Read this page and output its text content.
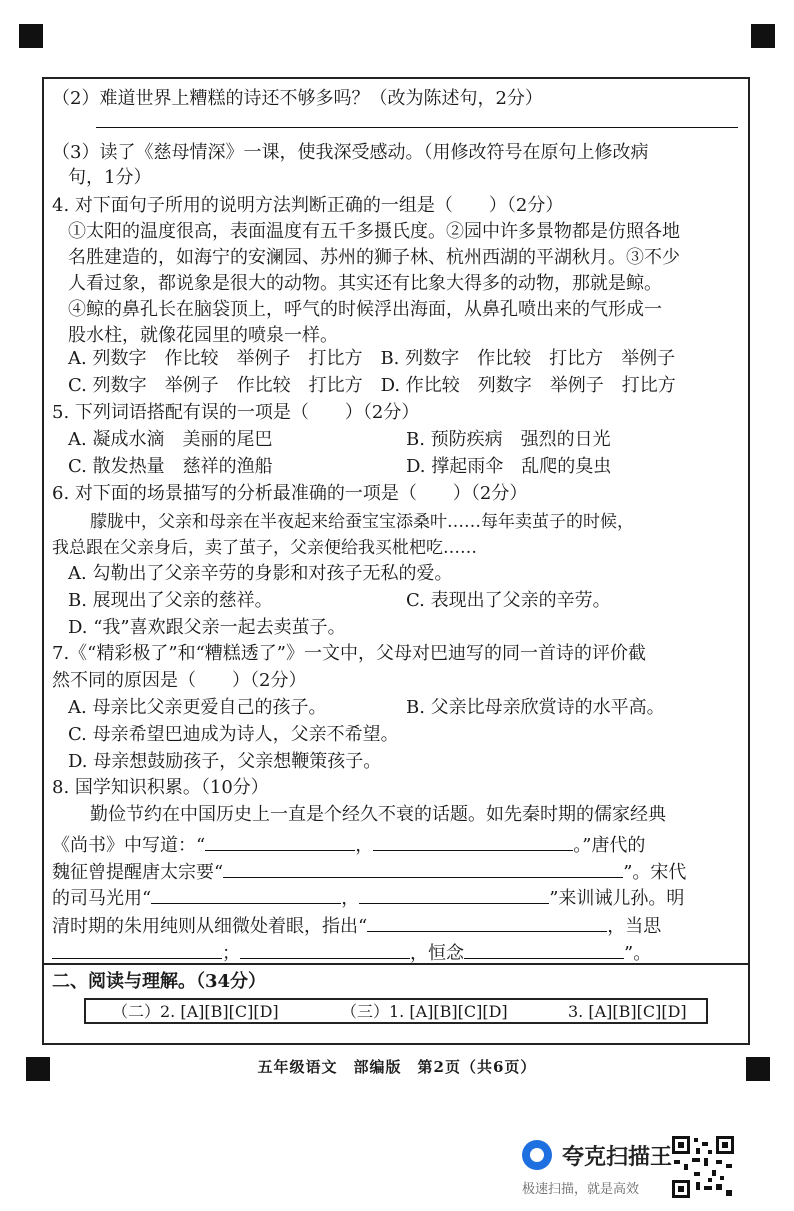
（2）难道世界上糟糕的诗还不够多吗？（改为陈述句，2分）
（3）读了《慈母情深》一课，使我深受感动。（用修改符号在原句上修改病
句，1分）
4. 对下面句子所用的说明方法判断正确的一组是（　　）（2分）
①太阳的温度很高，表面温度有五千多摄氏度。②园中许多景物都是仿照各地
名胜建造的，如海宁的安澜园、苏州的狮子林、杭州西湖的平湖秋月。③不少
人看过象，都说象是很大的动物。其实还有比象大得多的动物，那就是鲸。
④鲸的鼻孔长在脑袋顶上，呼气的时候浮出海面，从鼻孔喷出来的气形成一
股水柱，就像花园里的喷泉一样。
A. 列数字　作比较　举例子　打比方　B. 列数字　作比较　打比方　举例子
C. 列数字　举例子　作比较　打比方　D. 作比较　列数字　举例子　打比方
5. 下列词语搭配有误的一项是（　　）（2分）
A. 凝成水滴　美丽的尾巴	B. 预防疾病　强烈的日光
C. 散发热量　慈祥的渔船	D. 撑起雨伞　乱爬的臭虫
6. 对下面的场景描写的分析最准确的一项是（　　）（2分）
朦胧中，父亲和母亲在半夜起来给蚕宝宝添桑叶……每年卖茧子的时候，
我总跟在父亲身后，卖了茧子，父亲便给我买枇杷吃……
A. 勾勒出了父亲辛劳的身影和对孩子无私的爱。
B. 展现出了父亲的慈祥。	C. 表现出了父亲的辛劳。
D. “我”喜欢跟父亲一起去卖茧子。
7.《“精彩极了”和“糟糕透了”》一文中，父母对巴迪写的同一首诗的评价截
然不同的原因是（　　）（2分）
A. 母亲比父亲更爱自己的孩子。	B. 父亲比母亲欣赏诗的水平高。
C. 母亲希望巴迪成为诗人，父亲不希望。
D. 母亲想鼓励孩子，父亲想鞭策孩子。
8. 国学知识积累。（10分）
勤俭节约在中国历史上一直是个经久不衰的话题。如先秦时期的儒家经典
《尚书》中写道：“	，	。”唐代的
魏征曾提醒唐太宗要“	”。宋代
的司马光用“	，	”来训诫儿孙。明
清时期的朱用纯则从细微处着眼，指出“	，当思
；	，恒念	”。
二、阅读与理解。（34分）
（二）2. [A][B][C][D]	（三）1. [A][B][C][D]	3. [A][B][C][D]
五年级语文　部编版　第2页（共6页）
夸克扫描王
极速扫描，就是高效
